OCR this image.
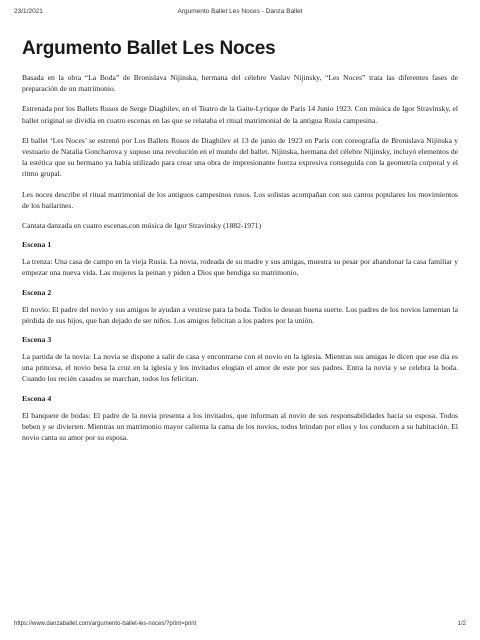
23/1/2021	Argumento Ballet Les Noces - Danza Ballet
Argumento Ballet Les Noces

Basada en la obra “La Boda” de Bronislava Nijinska, hermana del célebre Vaslav Nijinsky, “Les Noces” trata las diferentes fases de preparación de un matrimonio.

Estrenada por los Ballets Rusos de Serge Diaghilev, en el Teatro de la Gaite-Lyrique de Paris 14 Junio 1923. Con música de Igor Stravinsky, el ballet original se dividía en cuatro escenas en las que se relataba el ritual matrimonial de la antigua Rusia campesina.

El ballet ‘Les Noces’ se estrenó por Los Ballets Rusos de Diaghilev el 13 de junio de 1923 en París con coreografía de Bronislava Nijinska y vestuario de Natalia Goncharova y supuso una revolución en el mundo del ballet. Nijinska, hermana del célebre Nijinsky, incluyó elementos de la estética que su hermano ya había utilizado para crear una obra de impresionante fuerza expresiva conseguida con la geometría corporal y el ritmo grupal.

Les noces describe el ritual matrimonial de los antiguos campesinos rusos. Los solistas acompañan con sus cantos populares los movimientos de los bailarines.

Cantata danzada en cuatro escenas,con música de Igor Stravinsky (1882-1971)

Escena 1

La trenza: Una casa de campo en la vieja Rusia. La novia, rodeada de su madre y sus amigas, muestra su pesar por abandonar la casa familiar y empezar una nueva vida. Las mujeres la peinan y piden a Dios que bendiga su matrimonio.

Escena 2

El novio: El padre del novio y sus amigos le ayudan a vestirse para la boda. Todos le desean buena suerte. Los padres de los novios lamentan la pérdida de sus hijos, que han dejado de ser niños. Los amigos felicitan a los padres por la unión.

Escena 3

La partida de la novia: La novia se dispone a salir de casa y encontrarse con el novio en la iglesia. Mientras sus amigas le dicen que ese día es una princesa, el novio besa la cruz en la iglesia y los invitados elogian el amor de este por sus padres. Entra la novia y se celebra la boda. Cuando los recién casados se marchan, todos los felicitan.

Escena 4

El banquete de bodas: El padre de la novia presenta a los invitados, que informan al novio de sus responsabilidades hacia su esposa. Todos beben y se divierten. Mientras un matrimonio mayor calienta la cama de los novios, todos brindan por ellos y los conducen a su habitación. El novio canta su amor por su esposa.

https://www.danzaballet.com/argumento-ballet-les-noces/?print=print	1/2
